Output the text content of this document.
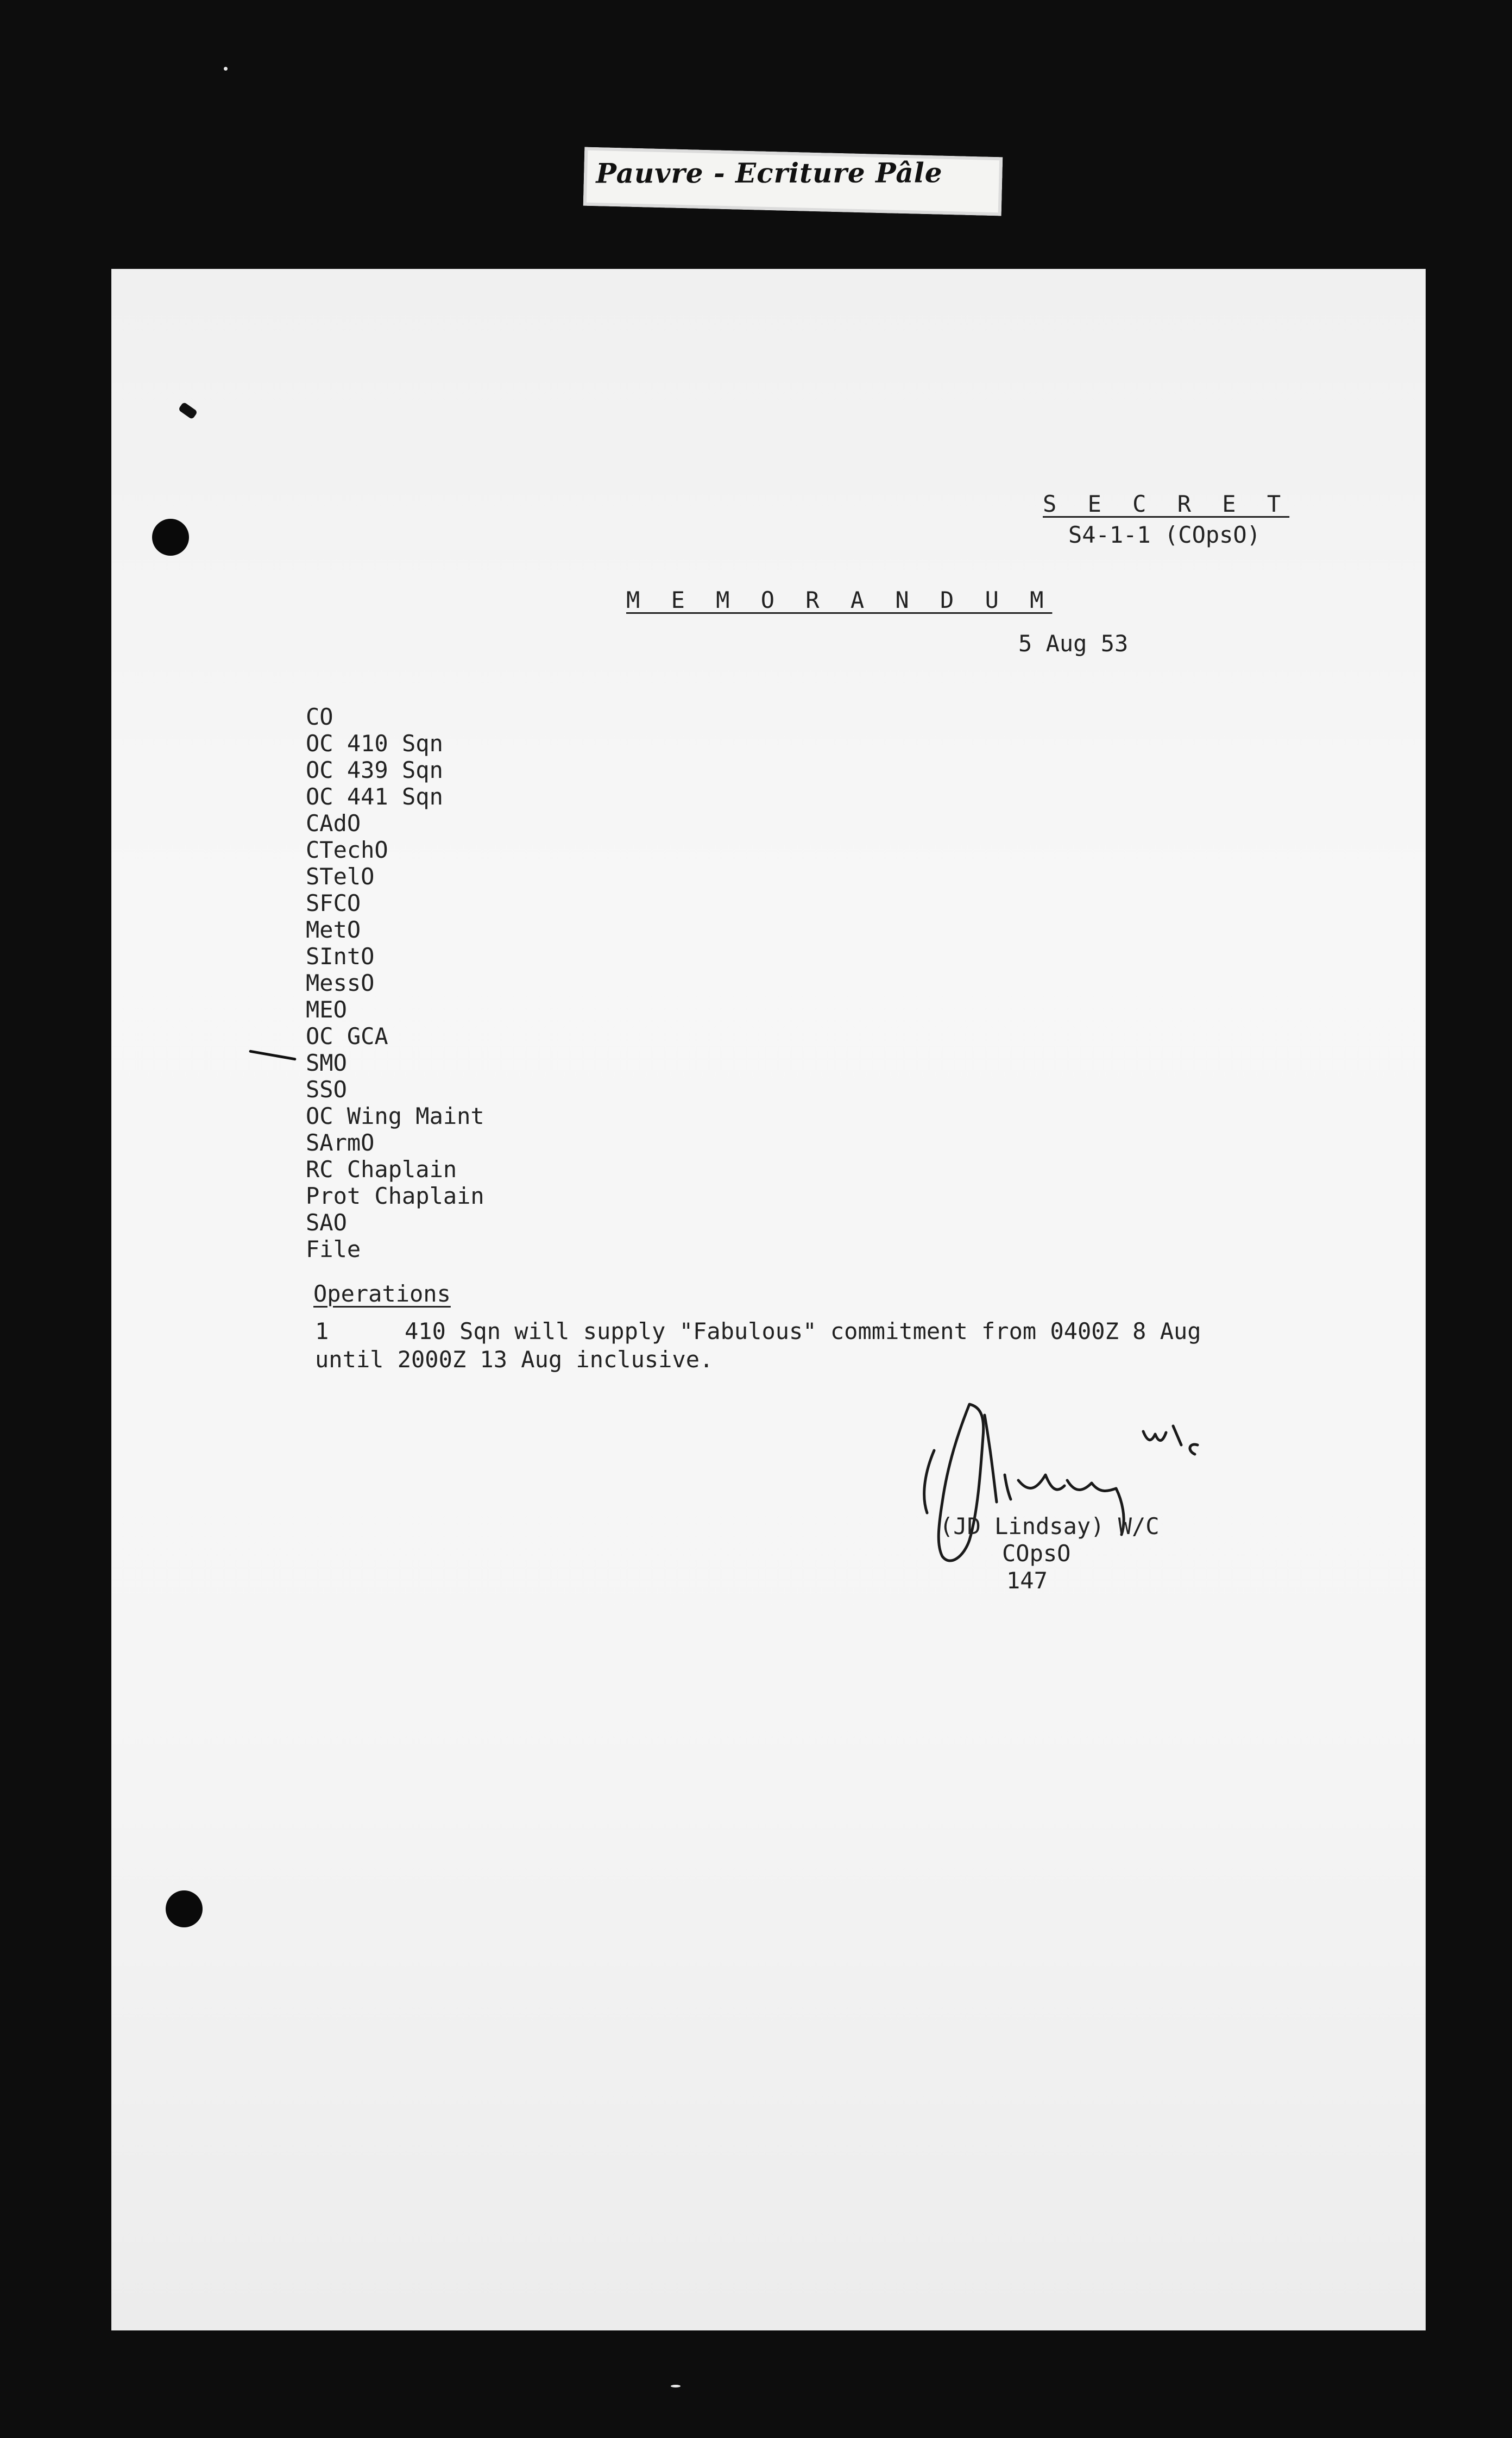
Pauvre - Ecriture Pâle
S E C R E T
S4-1-1 (COpsO)
M E M O R A N D U M
5 Aug 53
CO
OC 410 Sqn
OC 439 Sqn
OC 441 Sqn
CAdO
CTechO
STelO
SFCO
MetO
SIntO
MessO
MEO
OC GCA
SMO
SSO
OC Wing Maint
SArmO
RC Chaplain
Prot Chaplain
SAO
File
Operations
1	410 Sqn will supply "Fabulous" commitment from 0400Z 8 Aug
until 2000Z 13 Aug inclusive.
(JD Lindsay) W/C
COpsO
147
